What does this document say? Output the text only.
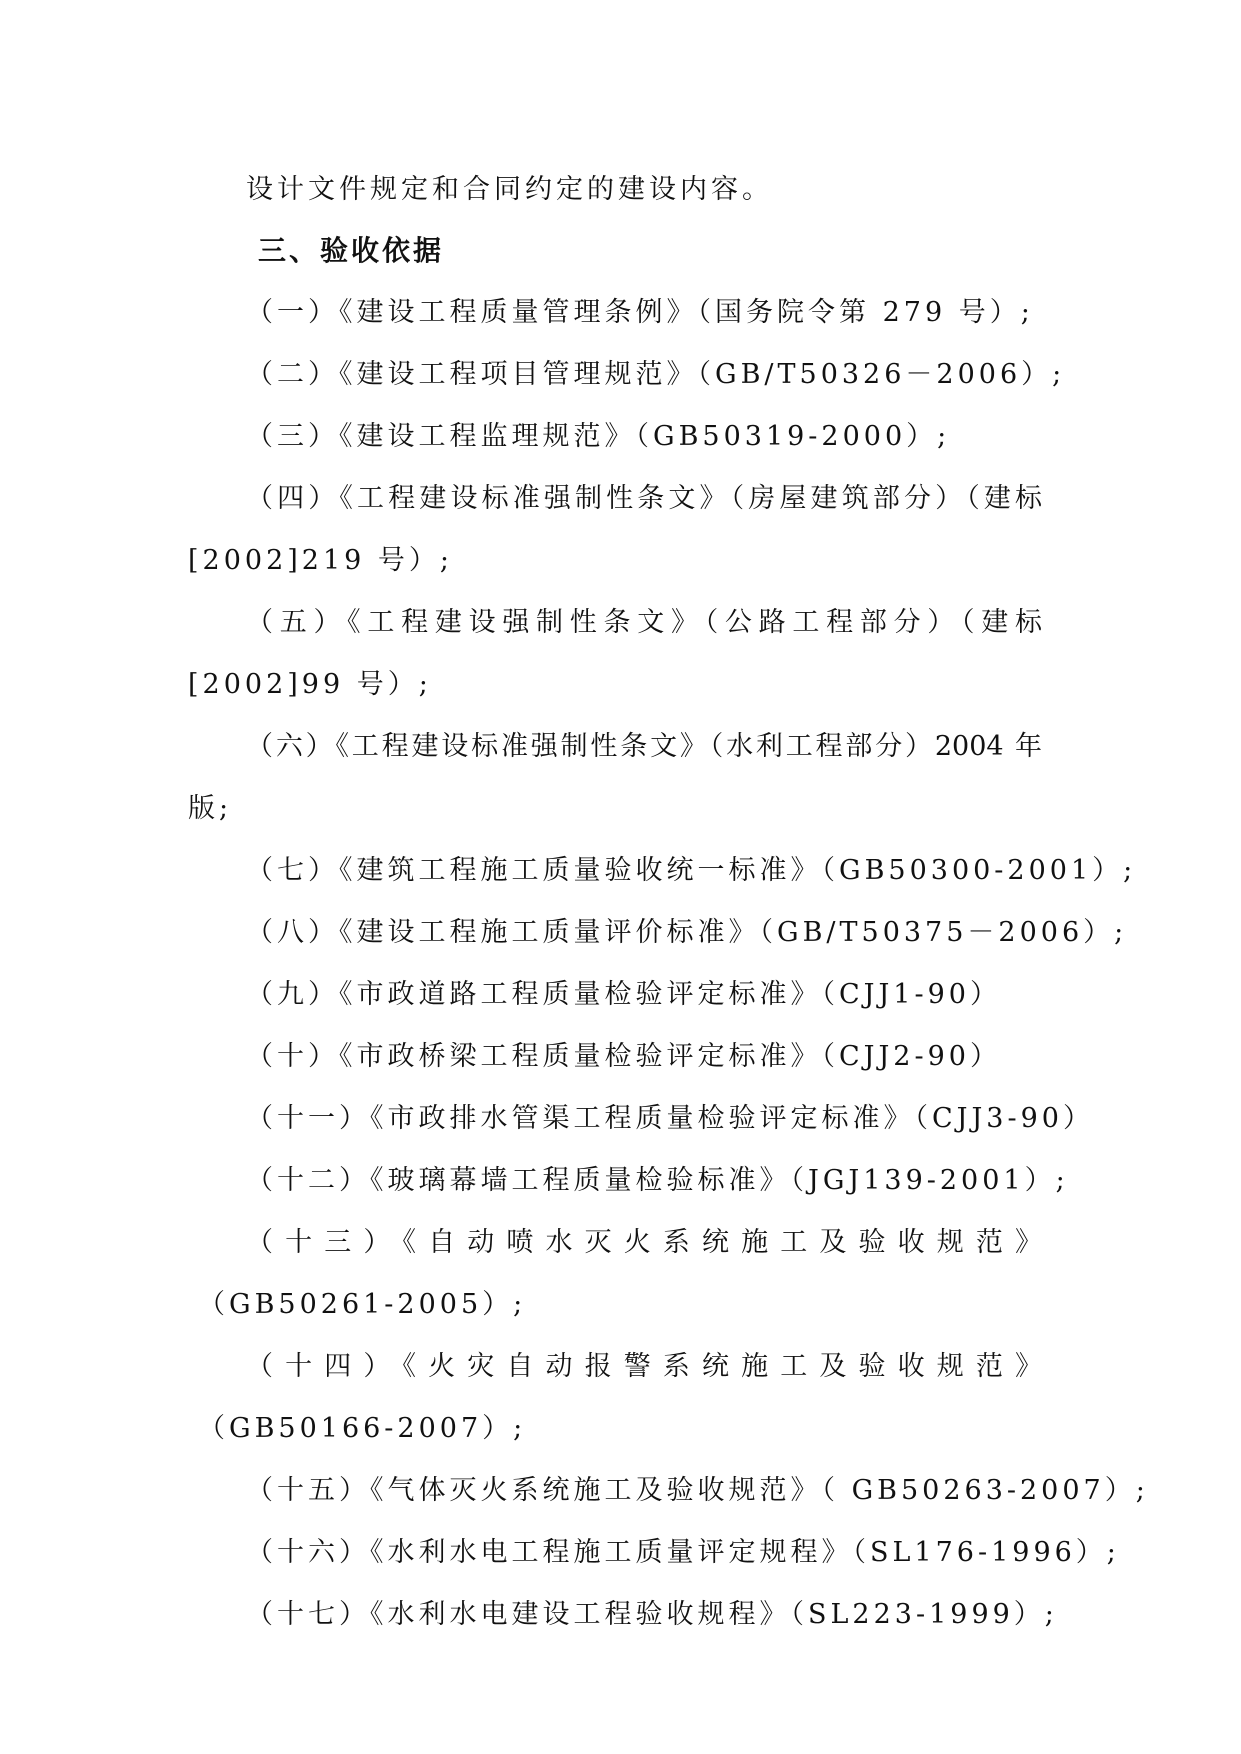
设计文件规定和合同约定的建设内容。
三、验收依据
（一）《建设工程质量管理条例》（国务院令第 279 号）;
（二）《建设工程项目管理规范》（GB/T50326－2006）;
（三）《建设工程监理规范》（GB50319-2000）;
（四）《工程建设标准强制性条文》（房屋建筑部分）（建标
[2002]219 号）;
（五）《工程建设强制性条文》（公路工程部分）（建标
[2002]99 号）;
（六）《工程建设标准强制性条文》（水利工程部分）2004 年
版;
（七）《建筑工程施工质量验收统一标准》（GB50300-2001）;
（八）《建设工程施工质量评价标准》（GB/T50375－2006）;
（九）《市政道路工程质量检验评定标准》（CJJ1-90）
（十）《市政桥梁工程质量检验评定标准》（CJJ2-90）
（十一）《市政排水管渠工程质量检验评定标准》（CJJ3-90）
（十二）《玻璃幕墙工程质量检验标准》（JGJ139-2001）;
（十三）《自动喷水灭火系统施工及验收规范》
（GB50261-2005）;
（十四）《火灾自动报警系统施工及验收规范》
（GB50166-2007）;
（十五）《气体灭火系统施工及验收规范》（ GB50263-2007）;
（十六）《水利水电工程施工质量评定规程》（SL176-1996）;
（十七）《水利水电建设工程验收规程》（SL223-1999）;
